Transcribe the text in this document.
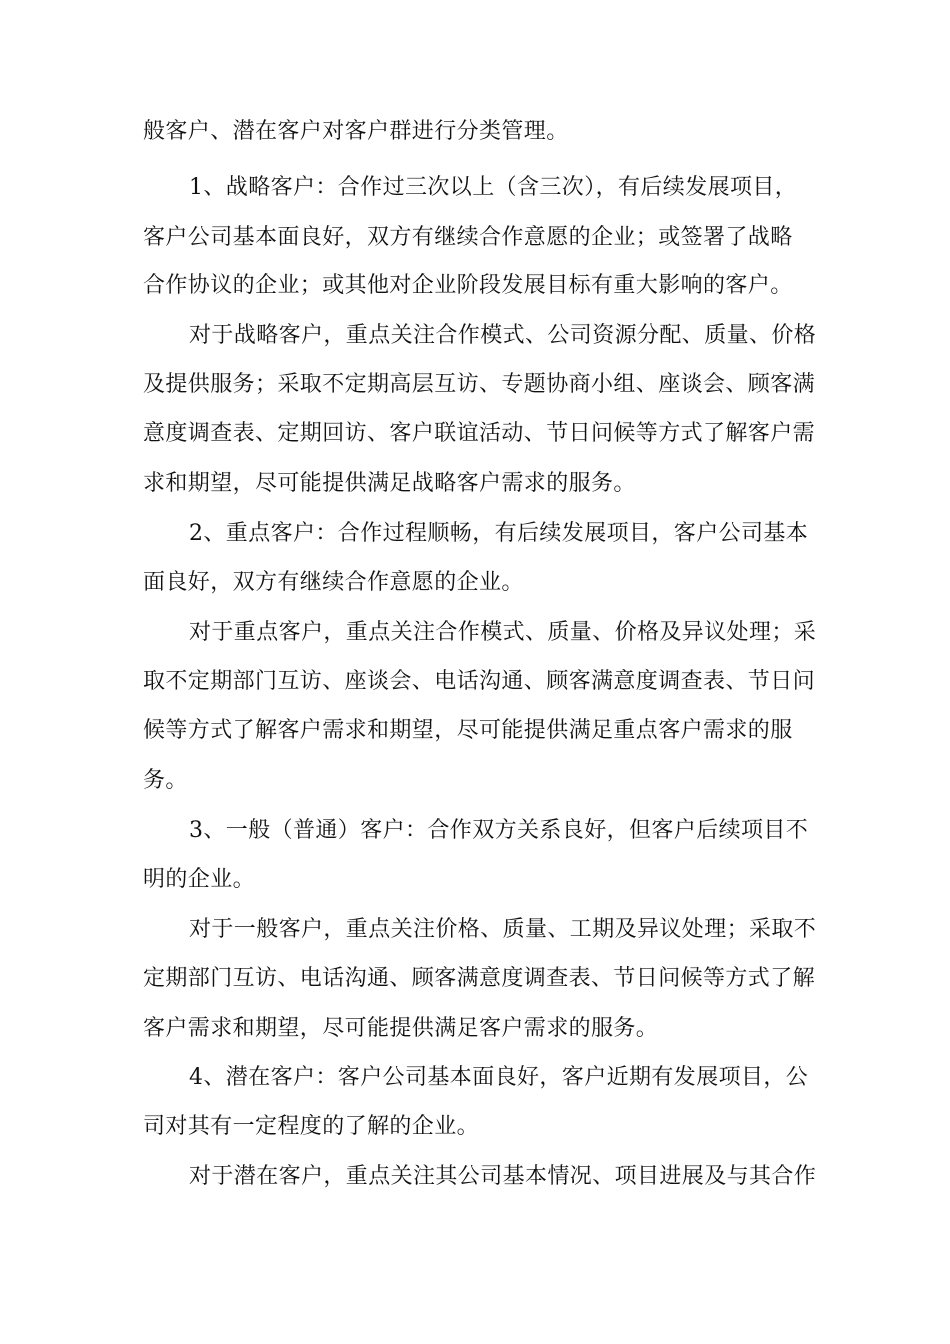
般客户、潜在客户对客户群进行分类管理。
1、战略客户：合作过三次以上（含三次），有后续发展项目，
客户公司基本面良好，双方有继续合作意愿的企业；或签署了战略
合作协议的企业；或其他对企业阶段发展目标有重大影响的客户。
对于战略客户，重点关注合作模式、公司资源分配、质量、价格
及提供服务；采取不定期高层互访、专题协商小组、座谈会、顾客满
意度调查表、定期回访、客户联谊活动、节日问候等方式了解客户需
求和期望，尽可能提供满足战略客户需求的服务。
2、重点客户：合作过程顺畅，有后续发展项目，客户公司基本
面良好，双方有继续合作意愿的企业。
对于重点客户，重点关注合作模式、质量、价格及异议处理；采
取不定期部门互访、座谈会、电话沟通、顾客满意度调查表、节日问
候等方式了解客户需求和期望，尽可能提供满足重点客户需求的服
务。
3、一般（普通）客户：合作双方关系良好，但客户后续项目不
明的企业。
对于一般客户，重点关注价格、质量、工期及异议处理；采取不
定期部门互访、电话沟通、顾客满意度调查表、节日问候等方式了解
客户需求和期望，尽可能提供满足客户需求的服务。
4、潜在客户：客户公司基本面良好，客户近期有发展项目，公
司对其有一定程度的了解的企业。
对于潜在客户，重点关注其公司基本情况、项目进展及与其合作
